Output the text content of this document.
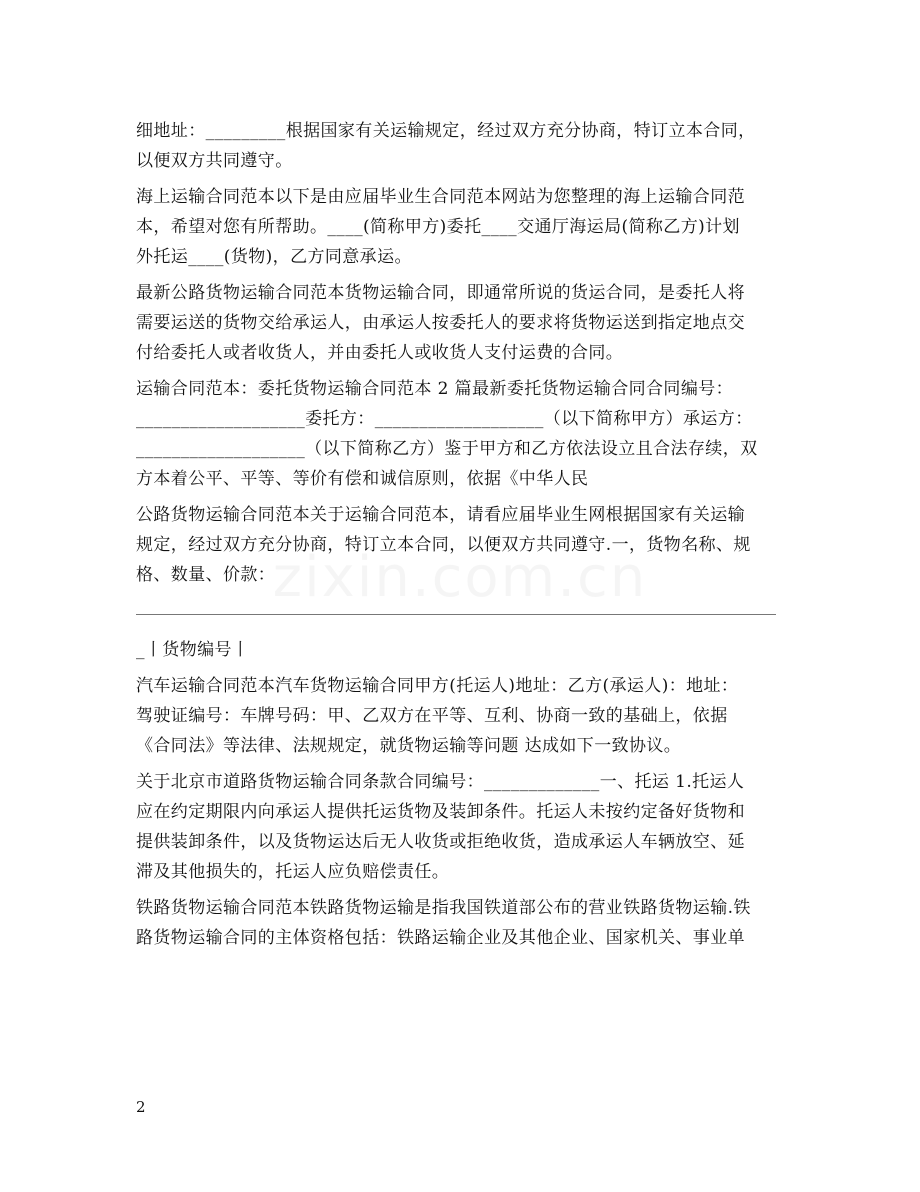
细地址：_________根据国家有关运输规定，经过双方充分协商，特订立本合同，
以便双方共同遵守。

海上运输合同范本以下是由应届毕业生合同范本网站为您整理的海上运输合同范
本，希望对您有所帮助。____(简称甲方)委托____交通厅海运局(简称乙方)计划
外托运____(货物)，乙方同意承运。

最新公路货物运输合同范本货物运输合同，即通常所说的货运合同，是委托人将
需要运送的货物交给承运人，由承运人按委托人的要求将货物运送到指定地点交
付给委托人或者收货人，并由委托人或收货人支付运费的合同。

运输合同范本：委托货物运输合同范本 2 篇最新委托货物运输合同合同编号：
___________________委托方：___________________（以下简称甲方）承运方：
___________________（以下简称乙方）鉴于甲方和乙方依法设立且合法存续，双
方本着公平、平等、等价有偿和诚信原则，依据《中华人民

公路货物运输合同范本关于运输合同范本，请看应届毕业生网根据国家有关运输
规定，经过双方充分协商，特订立本合同，以便双方共同遵守.一，货物名称、规
格、数量、价款：

_丨货物编号丨

汽车运输合同范本汽车货物运输合同甲方(托运人)地址：乙方(承运人)：地址：
驾驶证编号：车牌号码：甲、乙双方在平等、互利、协商一致的基础上，依据
《合同法》等法律、法规规定，就货物运输等问题 达成如下一致协议。

关于北京市道路货物运输合同条款合同编号：_____________一、托运 1.托运人
应在约定期限内向承运人提供托运货物及装卸条件。托运人未按约定备好货物和
提供装卸条件，以及货物运达后无人收货或拒绝收货，造成承运人车辆放空、延
滞及其他损失的，托运人应负赔偿责任。

铁路货物运输合同范本铁路货物运输是指我国铁道部公布的营业铁路货物运输.铁
路货物运输合同的主体资格包括：铁路运输企业及其他企业、国家机关、事业单

2
